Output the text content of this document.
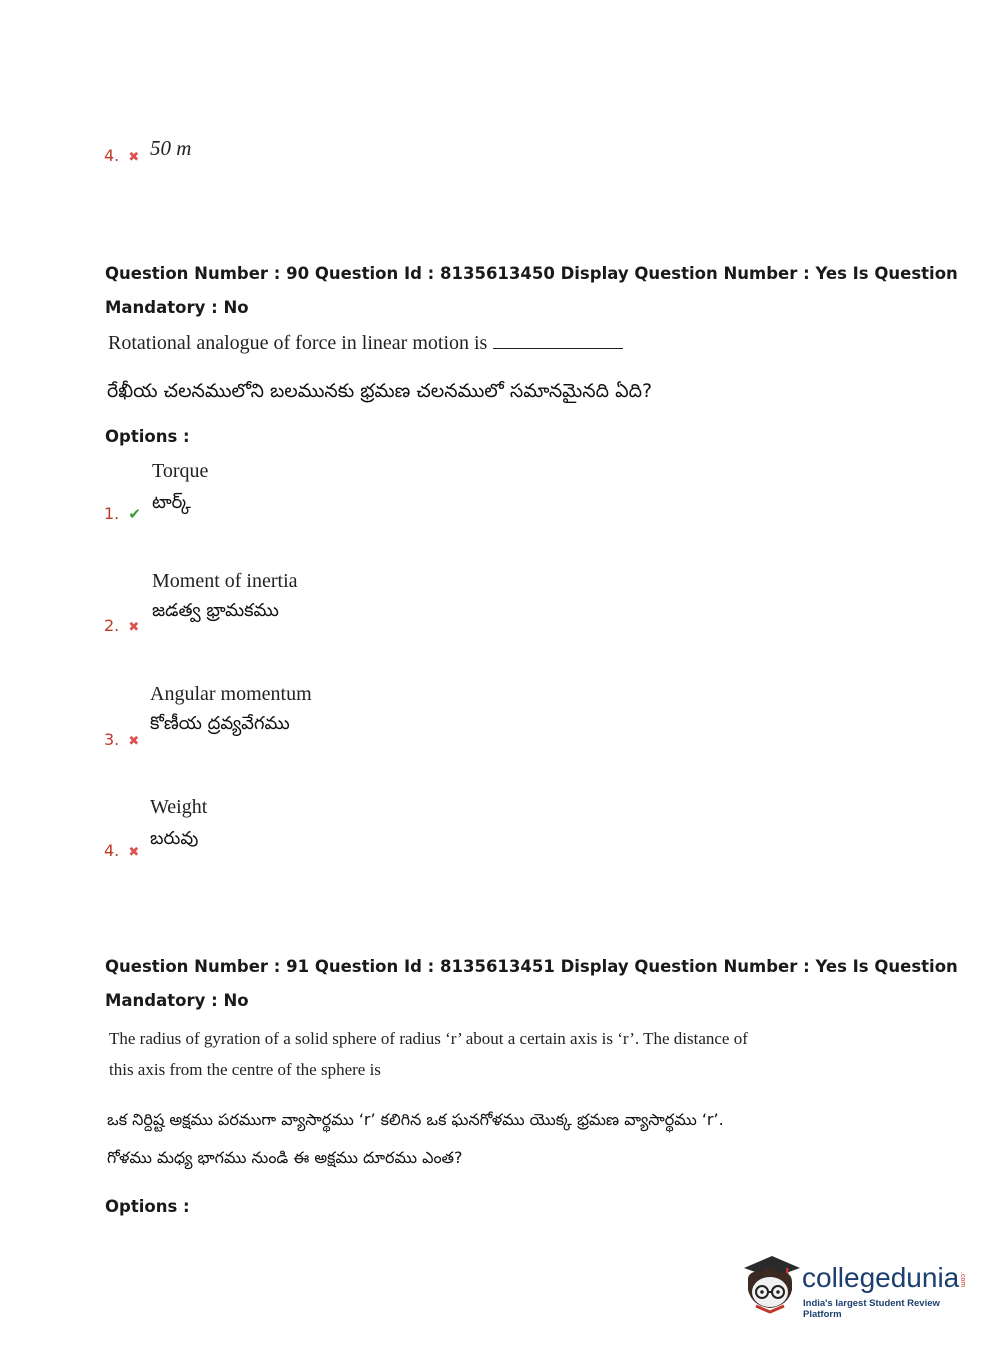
4. ✖ 50 m
Question Number : 90 Question Id : 8135613450 Display Question Number : Yes Is Question
Mandatory : No
Rotational analogue of force in linear motion is
రేఖీయ చలనములోని బలమునకు భ్రమణ చలనములో సమానమైనది ఏది?
Options :
Torque
టార్క్
1. ✔
Moment of inertia
జడత్వ భ్రామకము
2. ✖
Angular momentum
కోణీయ ద్రవ్యవేగము
3. ✖
Weight
బరువు
4. ✖
Question Number : 91 Question Id : 8135613451 Display Question Number : Yes Is Question
Mandatory : No
The radius of gyration of a solid sphere of radius ‘r’ about a certain axis is ‘r’. The distance of
this axis from the centre of the sphere is
ఒక నిర్దిష్ట అక్షము పరముగా వ్యాసార్థము ‘r’ కలిగిన ఒక ఘనగోళము యొక్క భ్రమణ వ్యాసార్థము ‘r’.
గోళము మధ్య భాగము నుండి ఈ అక్షము దూరము ఎంత?
Options :
collegedunia .com
India's largest Student Review Platform
